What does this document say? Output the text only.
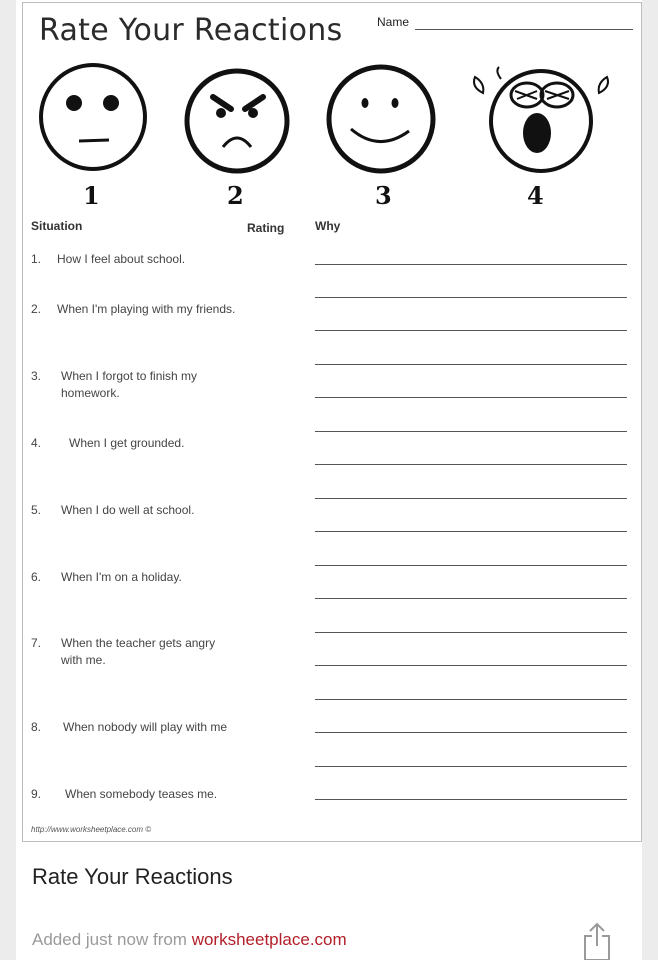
Rate Your Reactions	Name
1	2	3	4
Situation	Rating	Why
1. How I feel about school.
2. When I'm playing with my friends.
3. When I forgot to finish my homework.
4. When I get grounded.
5. When I do well at school.
6. When I'm on a holiday.
7. When the teacher gets angry with me.
8. When nobody will play with me
9. When somebody teases me.
http://www.worksheetplace.com ©
Rate Your Reactions
Added just now from worksheetplace.com
